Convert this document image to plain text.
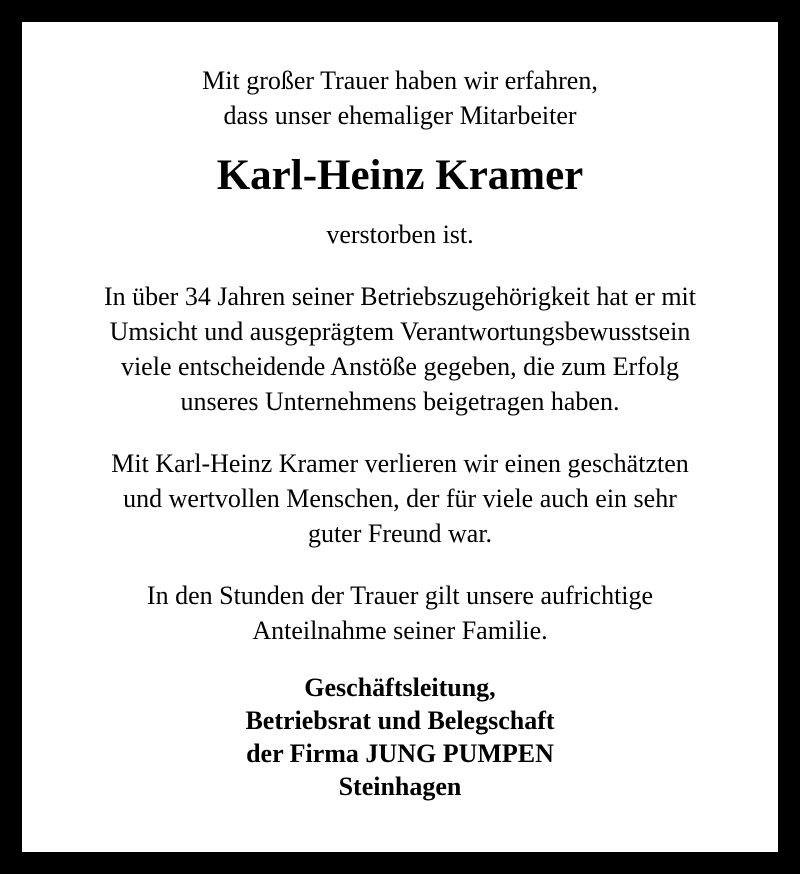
Mit großer Trauer haben wir erfahren,
dass unser ehemaliger Mitarbeiter
Karl-Heinz Kramer
verstorben ist.
In über 34 Jahren seiner Betriebszugehörigkeit hat er mit
Umsicht und ausgeprägtem Verantwortungsbewusstsein
viele entscheidende Anstöße gegeben, die zum Erfolg
unseres Unternehmens beigetragen haben.
Mit Karl-Heinz Kramer verlieren wir einen geschätzten
und wertvollen Menschen, der für viele auch ein sehr
guter Freund war.
In den Stunden der Trauer gilt unsere aufrichtige
Anteilnahme seiner Familie.
Geschäftsleitung,
Betriebsrat und Belegschaft
der Firma JUNG PUMPEN
Steinhagen
